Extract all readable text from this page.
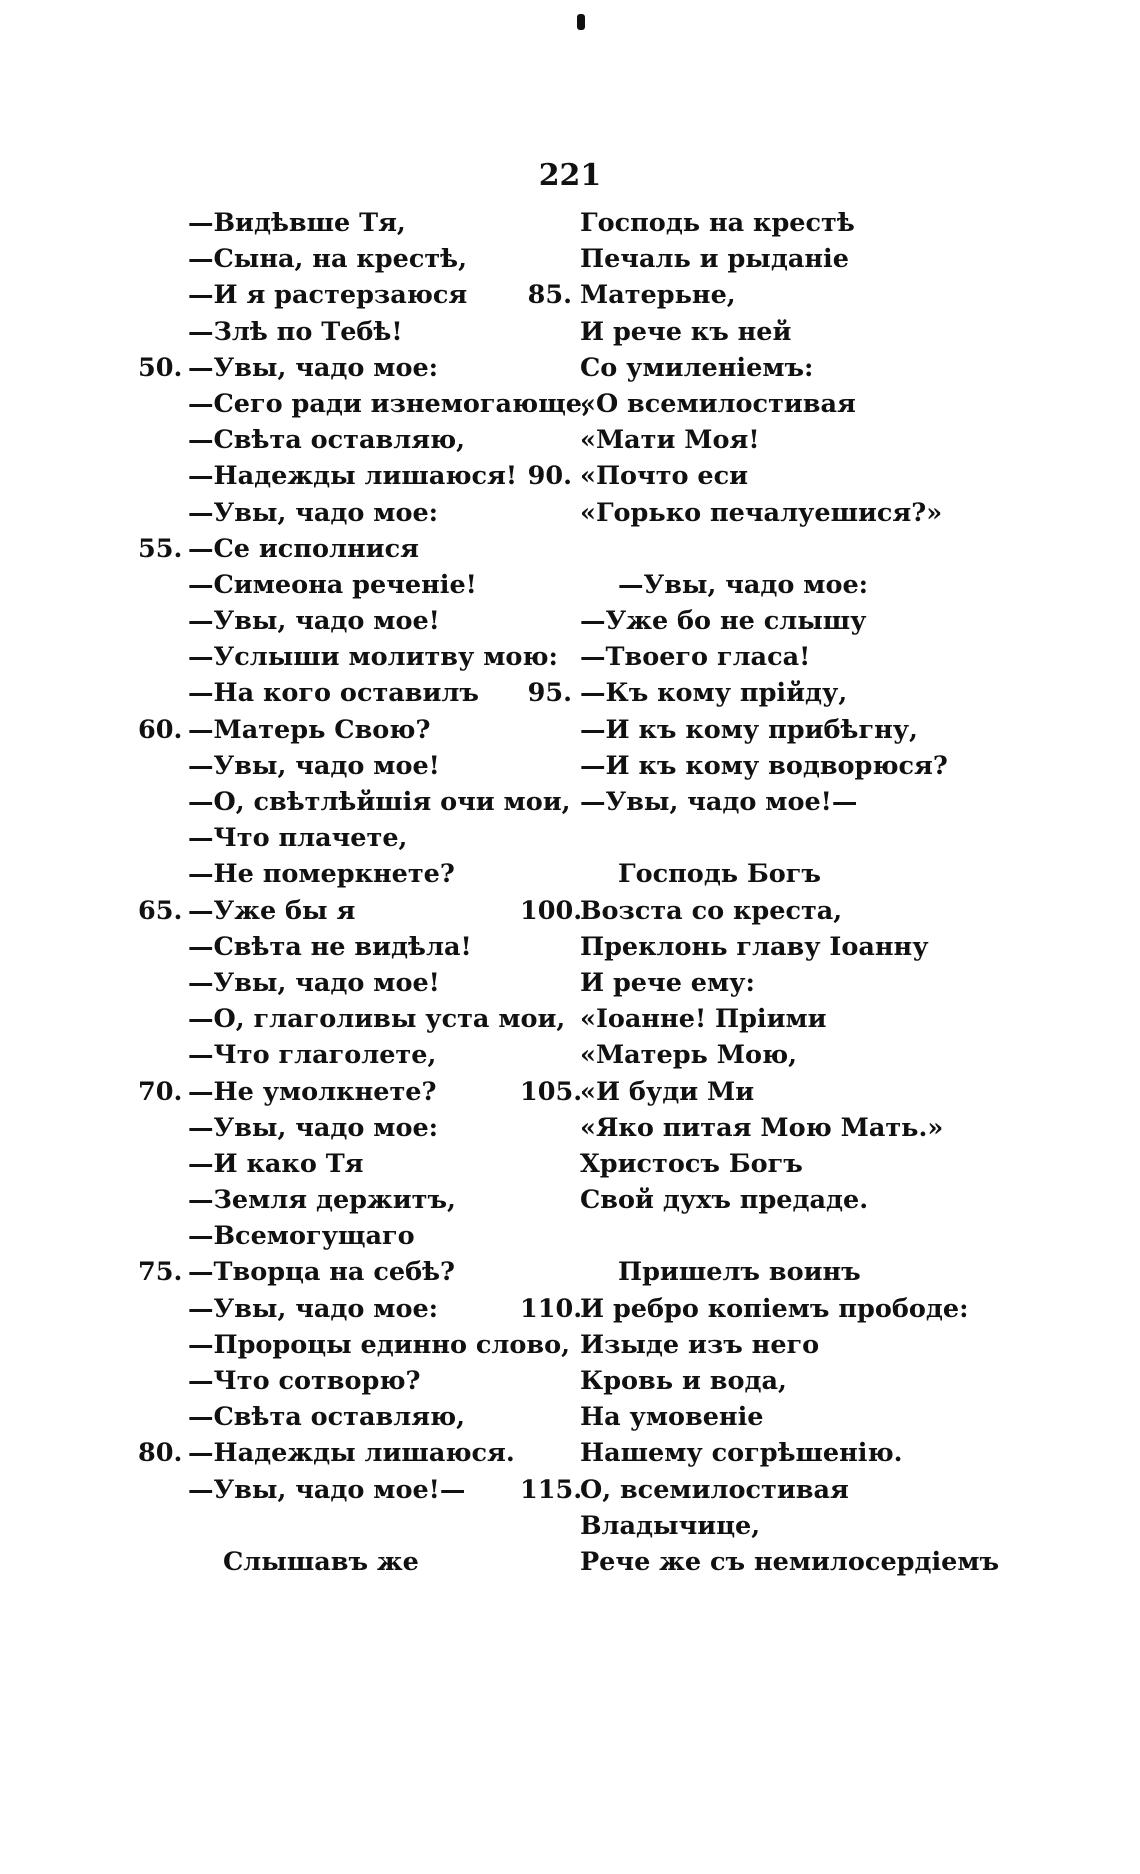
221
—Видѣвше Тя,
—Сына, на крестѣ,
—И я растерзаюся
—Злѣ по Тебѣ!
50. —Увы, чадо мое:
—Сего ради изнемогающе,
—Свѣта оставляю,
—Надежды лишаюся!
—Увы, чадо мое:
55. —Се исполнися
—Симеона реченіе!
—Увы, чадо мое!
—Услыши молитву мою:
—На кого оставилъ
60. —Матерь Свою?
—Увы, чадо мое!
—О, свѣтлѣйшія очи мои,
—Что плачете,
—Не померкнете?
65. —Уже бы я
—Свѣта не видѣла!
—Увы, чадо мое!
—О, глаголивы уста мои,
—Что глаголете,
70. —Не умолкнете?
—Увы, чадо мое:
—И како Тя
—Земля держитъ,
—Всемогущаго
75. —Творца на себѣ?
—Увы, чадо мое:
—Пророцы единно слово,
—Что сотворю?
—Свѣта оставляю,
80. —Надежды лишаюся.
—Увы, чадо мое!—
Слышавъ же
Господь на крестѣ
Печаль и рыданіе
85. Матерьне,
И рече къ ней
Со умиленіемъ:
«О всемилостивая
«Мати Моя!
90. «Почто еси
«Горько печалуешися?»
—Увы, чадо мое:
—Уже бо не слышу
—Твоего гласа!
95. —Къ кому прійду,
—И къ кому прибѣгну,
—И къ кому водворюся?
—Увы, чадо мое!—
Господь Богъ
100.
Возста со креста,
Преклонь главу Іоанну
И рече ему:
«Іоанне! Пріими
«Матерь Мою,
105.
«И буди Ми
«Яко питая Мою Мать.»
Христосъ Богъ
Свой духъ предаде.
Пришелъ воинъ
110.
И ребро копіемъ прободе:
Изыде изъ него
Кровь и вода,
На умовеніе
Нашему согрѣшенію.
115.
О, всемилостивая
Владычице,
Рече же съ немилосердіемъ
